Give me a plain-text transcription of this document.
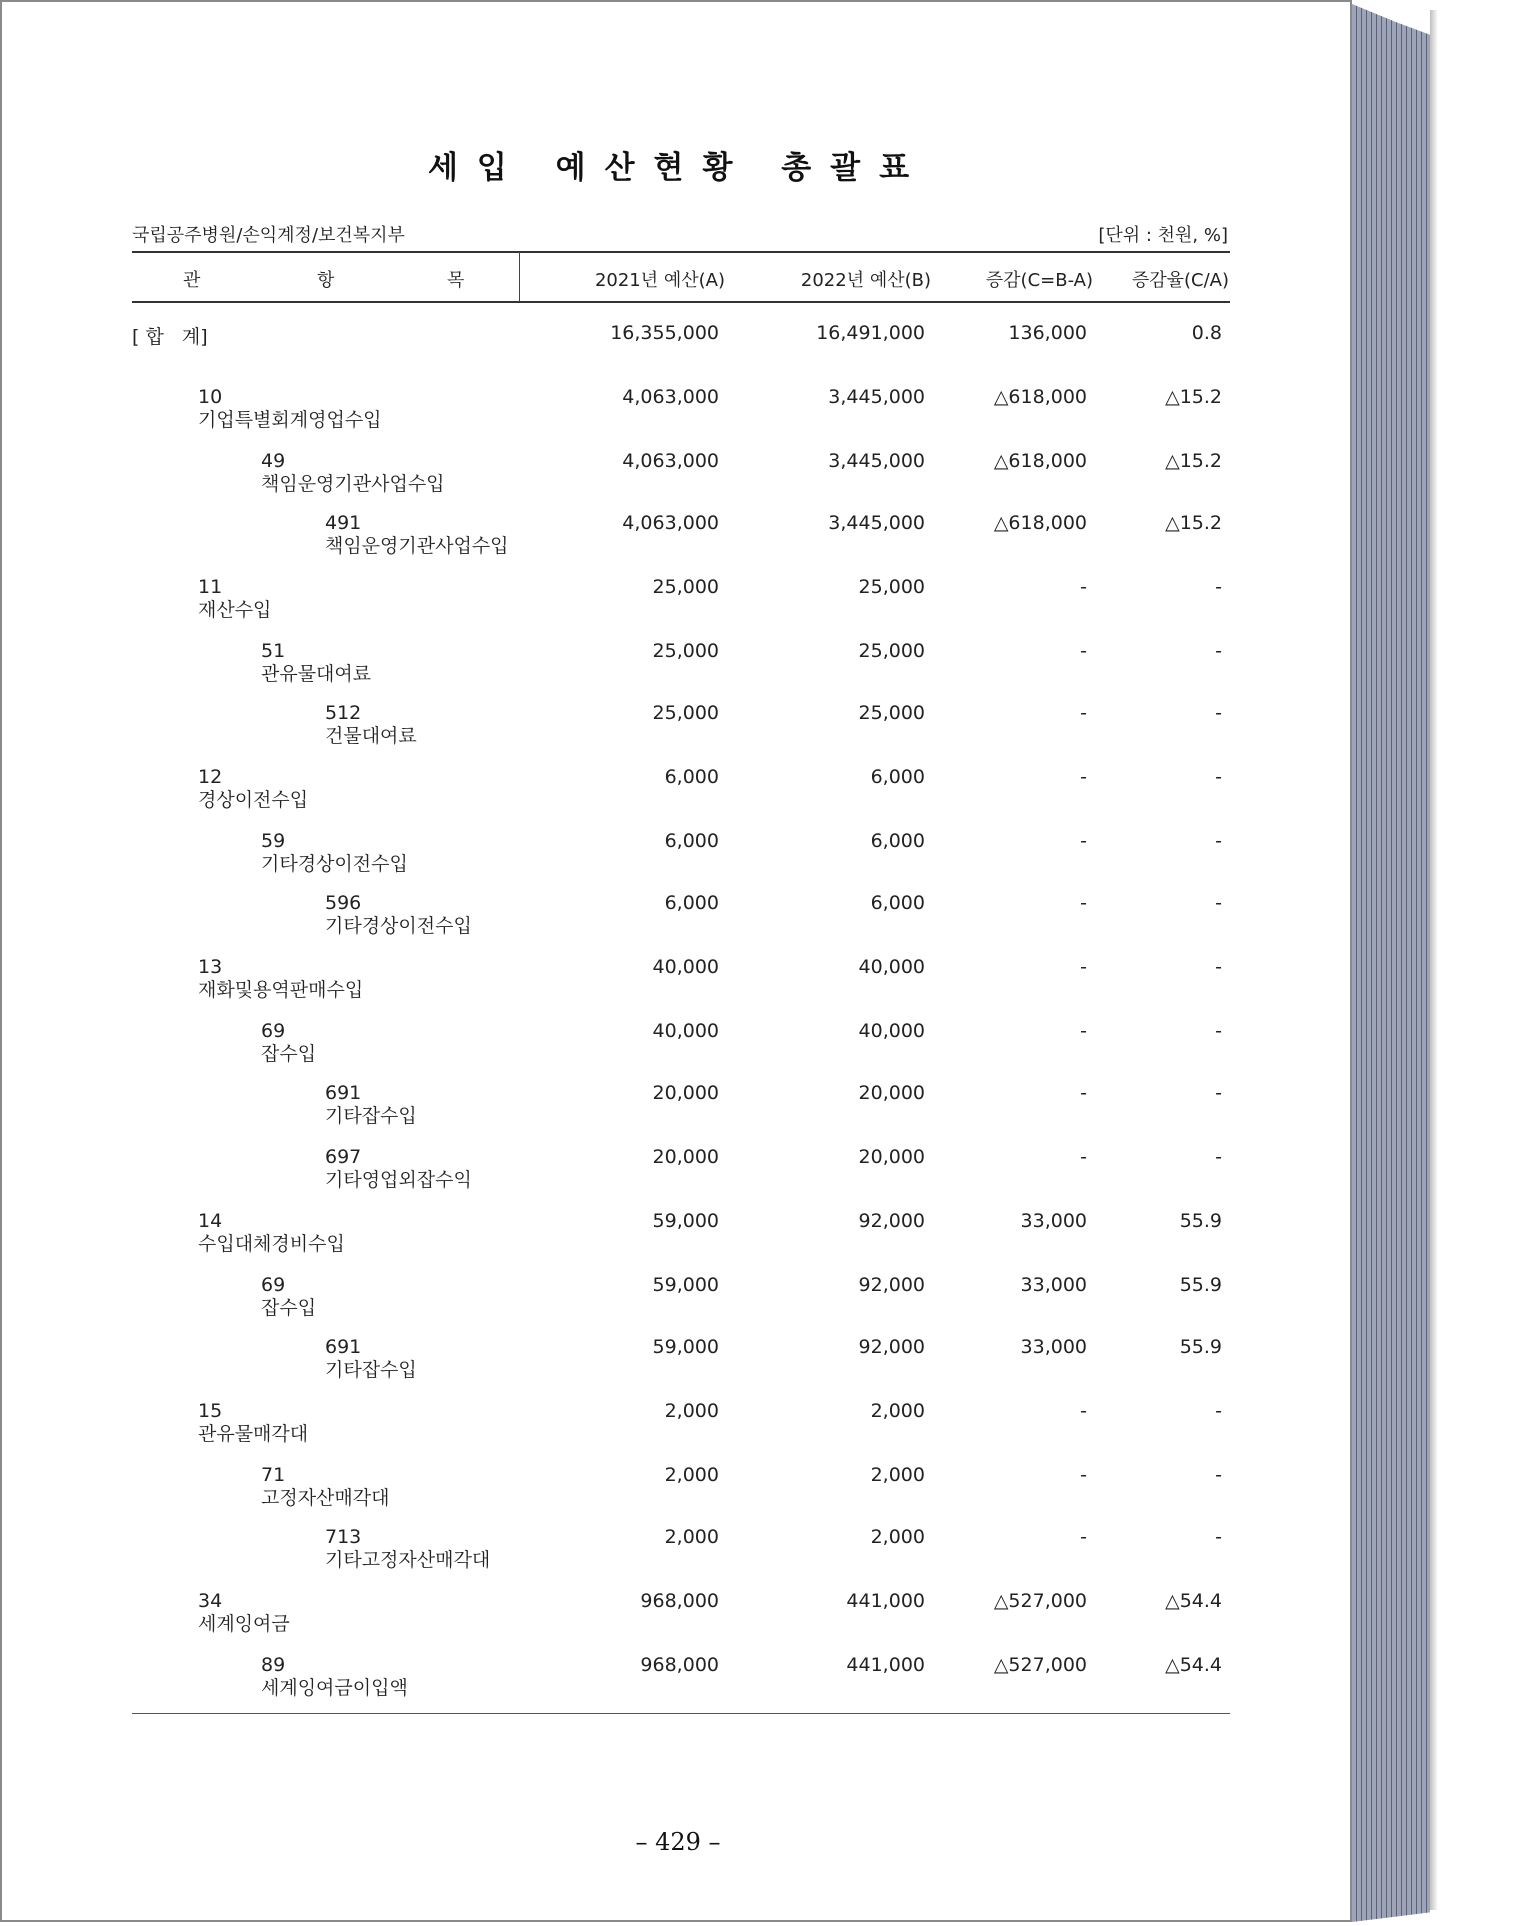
세입 예산현황 총괄표
국립공주병원/손익계정/보건복지부	[단위 : 천원, %]
관	항	목	2021년 예산(A)	2022년 예산(B)	증감(C=B-A)	증감율(C/A)
[ 합   계]	16,355,000	16,491,000	136,000	0.8
10
기업특별회계영업수입
4,063,000	3,445,000	△618,000	△15.2
49
책임운영기관사업수입
4,063,000	3,445,000	△618,000	△15.2
491
책임운영기관사업수입
4,063,000	3,445,000	△618,000	△15.2
11
재산수입
25,000	25,000	-	-
51
관유물대여료
25,000	25,000	-	-
512
건물대여료
25,000	25,000	-	-
12
경상이전수입
6,000	6,000	-	-
59
기타경상이전수입
6,000	6,000	-	-
596
기타경상이전수입
6,000	6,000	-	-
13
재화및용역판매수입
40,000	40,000	-	-
69
잡수입
40,000	40,000	-	-
691
기타잡수입
20,000	20,000	-	-
697
기타영업외잡수익
20,000	20,000	-	-
14
수입대체경비수입
59,000	92,000	33,000	55.9
69
잡수입
59,000	92,000	33,000	55.9
691
기타잡수입
59,000	92,000	33,000	55.9
15
관유물매각대
2,000	2,000	-	-
71
고정자산매각대
2,000	2,000	-	-
713
기타고정자산매각대
2,000	2,000	-	-
34
세계잉여금
968,000	441,000	△527,000	△54.4
89
세계잉여금이입액
968,000	441,000	△527,000	△54.4
– 429 –
